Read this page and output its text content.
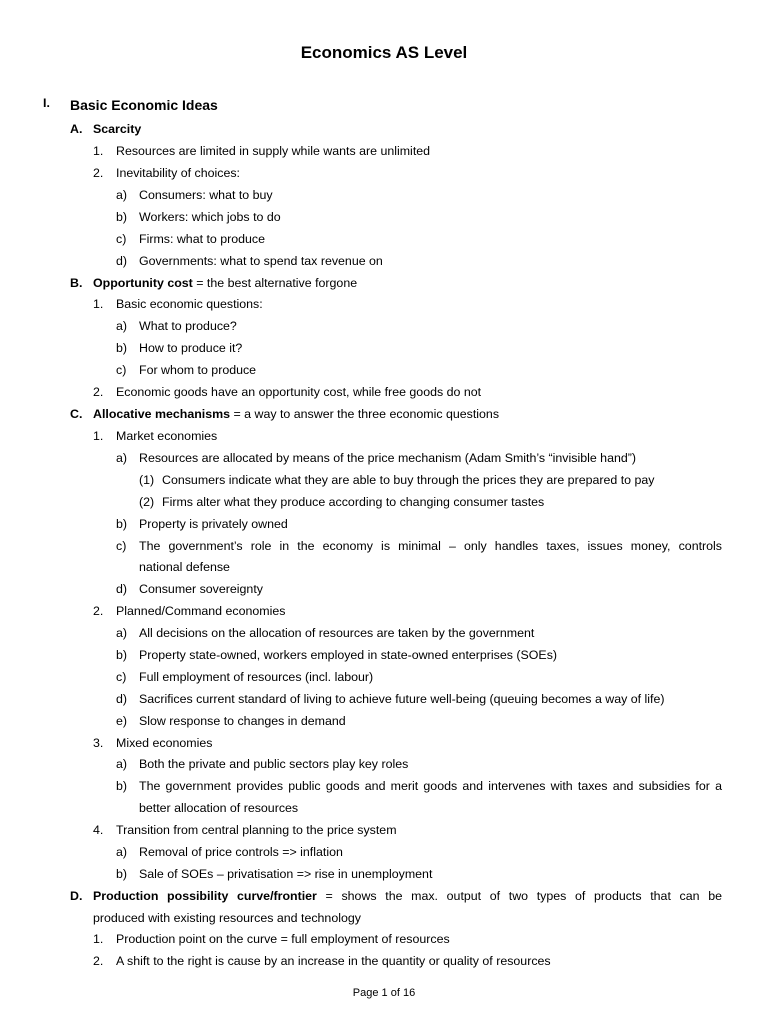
Economics AS Level
I. Basic Economic Ideas
A. Scarcity
1. Resources are limited in supply while wants are unlimited
2. Inevitability of choices:
a) Consumers: what to buy
b) Workers: which jobs to do
c) Firms: what to produce
d) Governments: what to spend tax revenue on
B. Opportunity cost = the best alternative forgone
1. Basic economic questions:
a) What to produce?
b) How to produce it?
c) For whom to produce
2. Economic goods have an opportunity cost, while free goods do not
C. Allocative mechanisms = a way to answer the three economic questions
1. Market economies
a) Resources are allocated by means of the price mechanism (Adam Smith’s “invisible hand”)
(1) Consumers indicate what they are able to buy through the prices they are prepared to pay
(2) Firms alter what they produce according to changing consumer tastes
b) Property is privately owned
c) The government’s role in the economy is minimal – only handles taxes, issues money, controls
national defense
d) Consumer sovereignty
2. Planned/Command economies
a) All decisions on the allocation of resources are taken by the government
b) Property state-owned, workers employed in state-owned enterprises (SOEs)
c) Full employment of resources (incl. labour)
d) Sacrifices current standard of living to achieve future well-being (queuing becomes a way of life)
e) Slow response to changes in demand
3. Mixed economies
a) Both the private and public sectors play key roles
b) The government provides public goods and merit goods and intervenes with taxes and subsidies for a
better allocation of resources
4. Transition from central planning to the price system
a) Removal of price controls => inflation
b) Sale of SOEs – privatisation => rise in unemployment
D. Production possibility curve/frontier = shows the max. output of two types of products that can be
produced with existing resources and technology
1. Production point on the curve = full employment of resources
2. A shift to the right is cause by an increase in the quantity or quality of resources
Page 1 of 16
